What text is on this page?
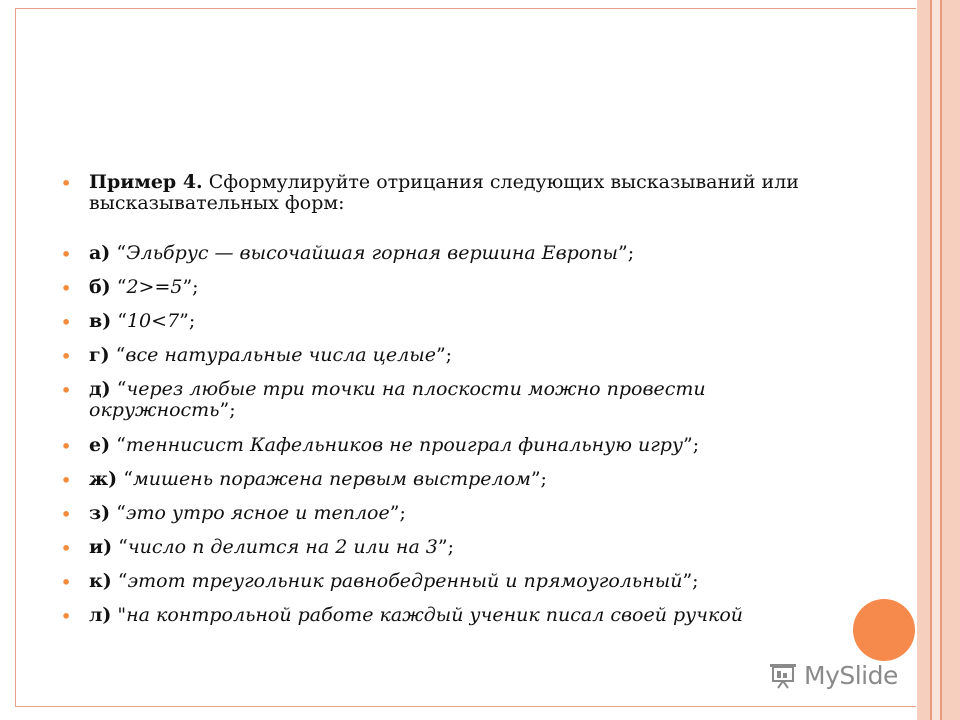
• Пример 4. Сформулируйте отрицания следующих высказываний или высказывательных форм:
• а) “Эльбрус — высочайшая горная вершина Европы”;
• б) “2>=5”;
• в) “10<7”;
• г) “все натуральные числа целые”;
• д) “через любые три точки на плоскости можно провести окружность”;
• е) “теннисист Кафельников не проиграл финальную игру”;
• ж) “мишень поражена первым выстрелом”;
• з) “это утро ясное и теплое”;
• и) “число п делится на 2 или на 3”;
• к) “этот треугольник равнобедренный и прямоугольный”;
• л) "на контрольной работе каждый ученик писал своей ручкой
MySlide
